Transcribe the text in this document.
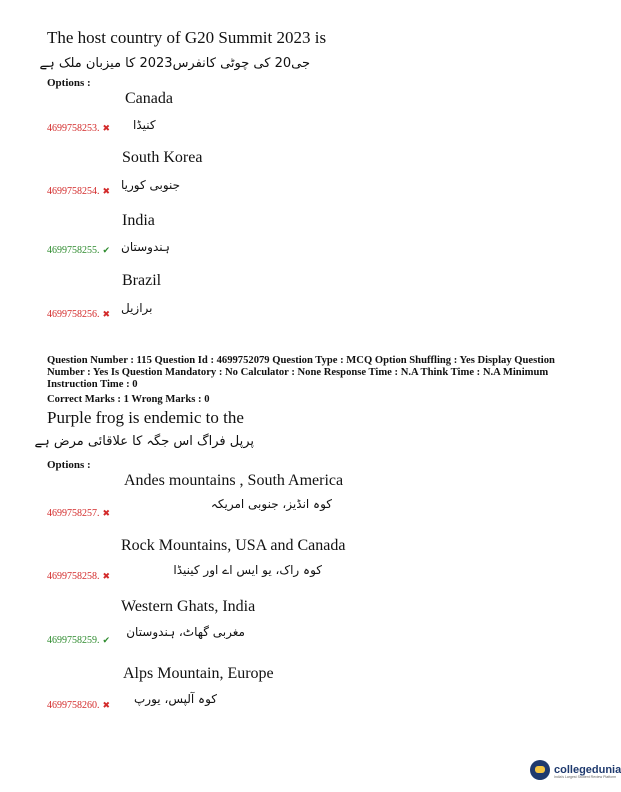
The host country of G20 Summit 2023 is
جی20 کی چوٹی کانفرس2023 کا میزبان ملک ہے
Options :
Canada
کنیڈا
4699758253. ✖
South Korea
جنوبی کوریا
4699758254. ✖
India
ہندوستان
4699758255. ✔
Brazil
برازیل
4699758256. ✖
Question Number : 115 Question Id : 4699752079 Question Type : MCQ Option Shuffling : Yes Display Question Number : Yes Is Question Mandatory : No Calculator : None Response Time : N.A Think Time : N.A Minimum Instruction Time : 0
Correct Marks : 1 Wrong Marks : 0
Purple frog is endemic to the
پرپل فراگ اس جگہ کا علاقائی مرض ہے
Options :
Andes mountains , South America
کوہ انڈیز، جنوبی امریکہ
4699758257. ✖
Rock Mountains, USA and Canada
کوہ راک، یو ایس اے اور کینیڈا
4699758258. ✖
Western Ghats, India
مغربی گھاٹ، ہندوستان
4699758259. ✔
Alps Mountain, Europe
کوہ آلپس، یورپ
4699758260. ✖
collegedunia
India's Largest Student Review Platform
